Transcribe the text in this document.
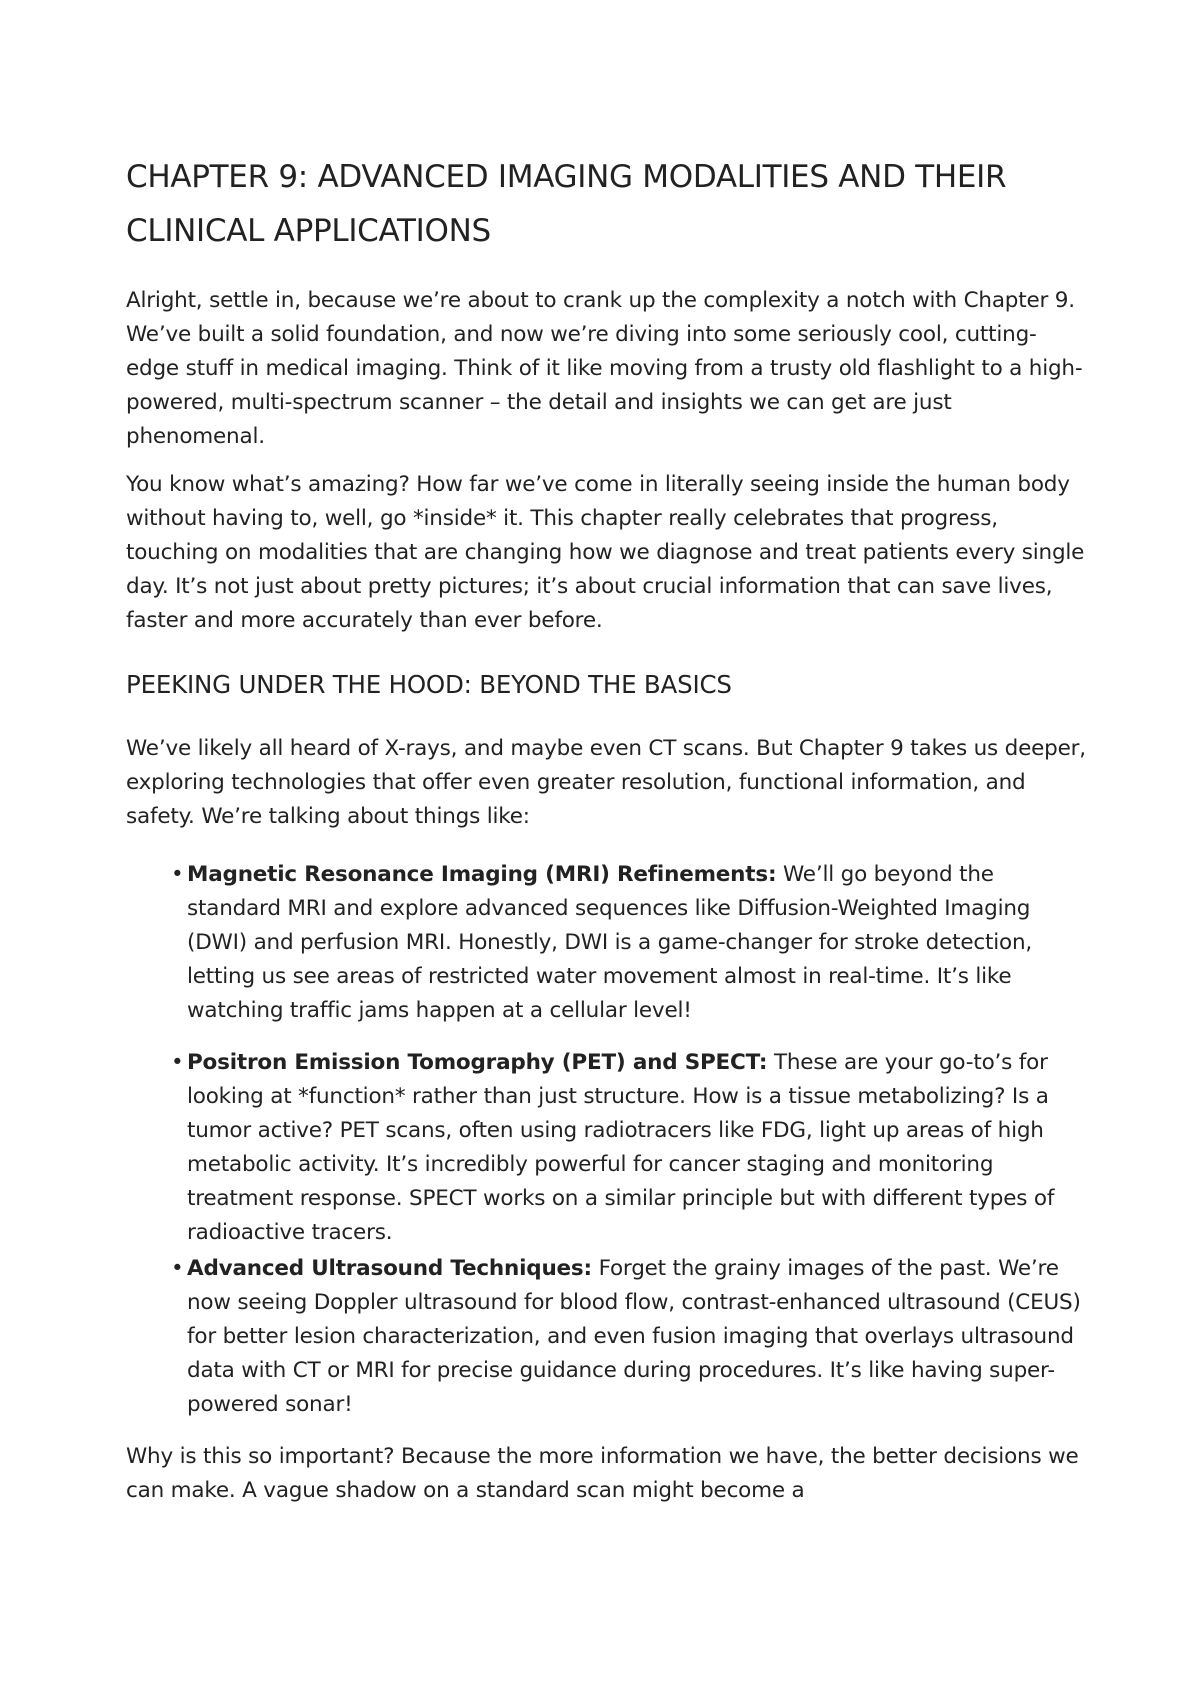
CHAPTER 9: ADVANCED IMAGING MODALITIES AND THEIR CLINICAL APPLICATIONS

Alright, settle in, because we’re about to crank up the complexity a notch with Chapter 9. We’ve built a solid foundation, and now we’re diving into some seriously cool, cutting-edge stuff in medical imaging. Think of it like moving from a trusty old flashlight to a high-powered, multi-spectrum scanner – the detail and insights we can get are just phenomenal.

You know what’s amazing? How far we’ve come in literally seeing inside the human body without having to, well, go *inside* it. This chapter really celebrates that progress, touching on modalities that are changing how we diagnose and treat patients every single day. It’s not just about pretty pictures; it’s about crucial information that can save lives, faster and more accurately than ever before.

PEEKING UNDER THE HOOD: BEYOND THE BASICS

We’ve likely all heard of X-rays, and maybe even CT scans. But Chapter 9 takes us deeper, exploring technologies that offer even greater resolution, functional information, and safety. We’re talking about things like:

• Magnetic Resonance Imaging (MRI) Refinements: We’ll go beyond the standard MRI and explore advanced sequences like Diffusion-Weighted Imaging (DWI) and perfusion MRI. Honestly, DWI is a game-changer for stroke detection, letting us see areas of restricted water movement almost in real-time. It’s like watching traffic jams happen at a cellular level!
• Positron Emission Tomography (PET) and SPECT: These are your go-to’s for looking at *function* rather than just structure. How is a tissue metabolizing? Is a tumor active? PET scans, often using radiotracers like FDG, light up areas of high metabolic activity. It’s incredibly powerful for cancer staging and monitoring treatment response. SPECT works on a similar principle but with different types of radioactive tracers.
• Advanced Ultrasound Techniques: Forget the grainy images of the past. We’re now seeing Doppler ultrasound for blood flow, contrast-enhanced ultrasound (CEUS) for better lesion characterization, and even fusion imaging that overlays ultrasound data with CT or MRI for precise guidance during procedures. It’s like having super-powered sonar!

Why is this so important? Because the more information we have, the better decisions we can make. A vague shadow on a standard scan might become a
